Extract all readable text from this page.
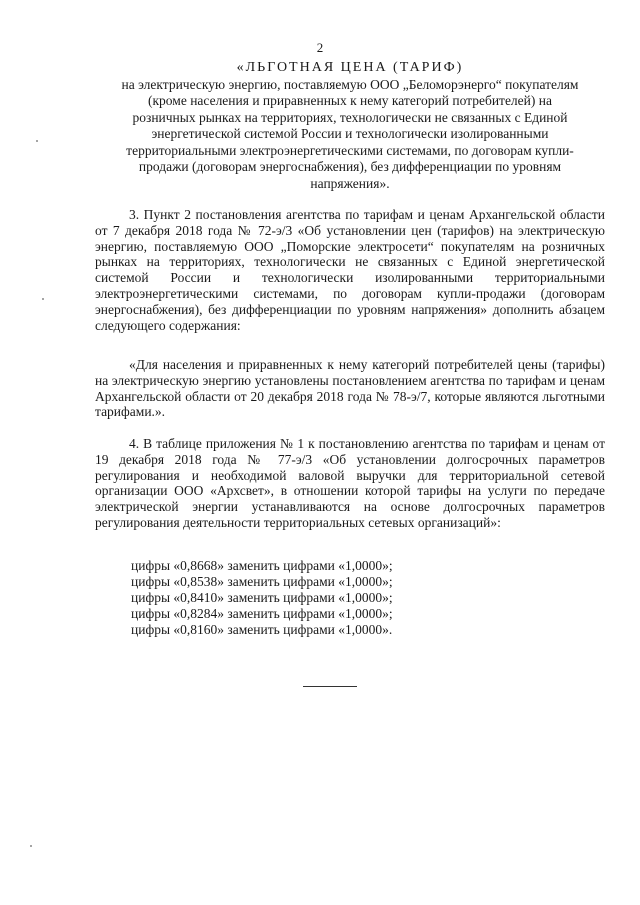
2
«ЛЬГОТНАЯ ЦЕНА (ТАРИФ)
на электрическую энергию, поставляемую ООО „Беломорэнерго“ покупателям
(кроме населения и приравненных к нему категорий потребителей) на
розничных рынках на территориях, технологически не связанных с Единой
энергетической системой России и технологически изолированными
территориальными электроэнергетическими системами, по договорам купли-
продажи (договорам энергоснабжения), без дифференциации по уровням
напряжения».

3. Пункт 2 постановления агентства по тарифам и ценам Архангельской области от 7 декабря 2018 года № 72-э/3 «Об установлении цен (тарифов) на электрическую энергию, поставляемую ООО „Поморские электросети“ покупателям на розничных рынках на территориях, технологически не связанных с Единой энергетической системой России и технологически изолированными территориальными электроэнергетическими системами, по договорам купли-продажи (договорам энергоснабжения), без дифференциации по уровням напряжения» дополнить абзацем следующего содержания:

«Для населения и приравненных к нему категорий потребителей цены (тарифы) на электрическую энергию установлены постановлением агентства по тарифам и ценам Архангельской области от 20 декабря 2018 года № 78-э/7, которые являются льготными тарифами.».

4. В таблице приложения № 1 к постановлению агентства по тарифам и ценам от 19 декабря 2018 года № 77-э/3 «Об установлении долгосрочных параметров регулирования и необходимой валовой выручки для территориальной сетевой организации ООО «Архсвет», в отношении которой тарифы на услуги по передаче электрической энергии устанавливаются на основе долгосрочных параметров регулирования деятельности территориальных сетевых организаций»:

цифры «0,8668» заменить цифрами «1,0000»;
цифры «0,8538» заменить цифрами «1,0000»;
цифры «0,8410» заменить цифрами «1,0000»;
цифры «0,8284» заменить цифрами «1,0000»;
цифры «0,8160» заменить цифрами «1,0000».
